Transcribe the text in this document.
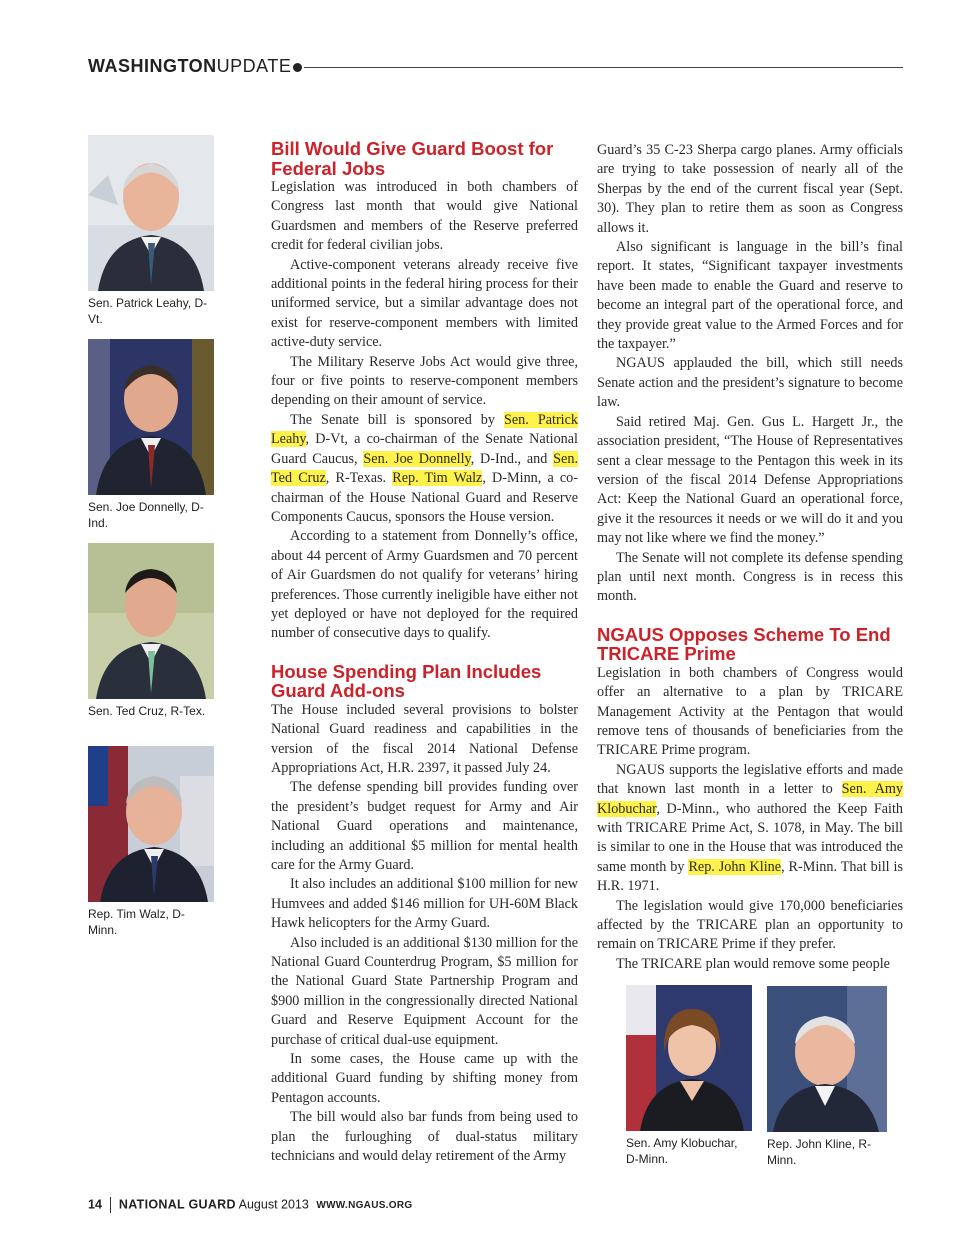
WASHINGTONUPDATE
Sen. Patrick Leahy, D-Vt.
Sen. Joe Donnelly, D-Ind.
Sen. Ted Cruz, R-Tex.
Rep. Tim Walz, D-Minn.
Bill Would Give Guard Boost for Federal Jobs

Legislation was introduced in both chambers of Congress last month that would give National Guardsmen and members of the Reserve preferred credit for federal civilian jobs.

Active-component veterans already receive five additional points in the federal hiring process for their uniformed service, but a similar advantage does not exist for reserve-component members with limited active-duty service.

The Military Reserve Jobs Act would give three, four or five points to reserve-component members depending on their amount of service.

The Senate bill is sponsored by Sen. Patrick Leahy, D-Vt, a co-chairman of the Senate National Guard Caucus, Sen. Joe Donnelly, D-Ind., and Sen. Ted Cruz, R-Texas. Rep. Tim Walz, D-Minn, a co-chairman of the House National Guard and Reserve Components Caucus, sponsors the House version.

According to a statement from Donnelly’s office, about 44 percent of Army Guardsmen and 70 percent of Air Guardsmen do not qualify for veterans’ hiring preferences. Those currently ineligible have either not yet deployed or have not deployed for the required number of consecutive days to qualify.

House Spending Plan Includes Guard Add-ons

The House included several provisions to bolster National Guard readiness and capabilities in the version of the fiscal 2014 National Defense Appropriations Act, H.R. 2397, it passed July 24.

The defense spending bill provides funding over the president’s budget request for Army and Air National Guard operations and maintenance, including an additional $5 million for mental health care for the Army Guard.

It also includes an additional $100 million for new Humvees and added $146 million for UH-60M Black Hawk helicopters for the Army Guard.

Also included is an additional $130 million for the National Guard Counterdrug Program, $5 million for the National Guard State Partnership Program and $900 million in the congressionally directed National Guard and Reserve Equipment Account for the purchase of critical dual-use equipment.

In some cases, the House came up with the additional Guard funding by shifting money from Pentagon accounts.

The bill would also bar funds from being used to plan the furloughing of dual-status military technicians and would delay retirement of the Army

Guard’s 35 C-23 Sherpa cargo planes. Army officials are trying to take possession of nearly all of the Sherpas by the end of the current fiscal year (Sept. 30). They plan to retire them as soon as Congress allows it.

Also significant is language in the bill’s final report. It states, “Significant taxpayer investments have been made to enable the Guard and reserve to become an integral part of the operational force, and they provide great value to the Armed Forces and for the taxpayer.”

NGAUS applauded the bill, which still needs Senate action and the president’s signature to become law.

Said retired Maj. Gen. Gus L. Hargett Jr., the association president, “The House of Representatives sent a clear message to the Pentagon this week in its version of the fiscal 2014 Defense Appropriations Act: Keep the National Guard an operational force, give it the resources it needs or we will do it and you may not like where we find the money.”

The Senate will not complete its defense spending plan until next month. Congress is in recess this month.

NGAUS Opposes Scheme To End TRICARE Prime

Legislation in both chambers of Congress would offer an alternative to a plan by TRICARE Management Activity at the Pentagon that would remove tens of thousands of beneficiaries from the TRICARE Prime program.

NGAUS supports the legislative efforts and made that known last month in a letter to Sen. Amy Klobuchar, D-Minn., who authored the Keep Faith with TRICARE Prime Act, S. 1078, in May. The bill is similar to one in the House that was introduced the same month by Rep. John Kline, R-Minn. That bill is H.R. 1971.

The legislation would give 170,000 beneficiaries affected by the TRICARE plan an opportunity to remain on TRICARE Prime if they prefer.

The TRICARE plan would remove some people

Sen. Amy Klobuchar, D-Minn.
Rep. John Kline, R-Minn.
14 NATIONAL GUARD August 2013 WWW.NGAUS.ORG
